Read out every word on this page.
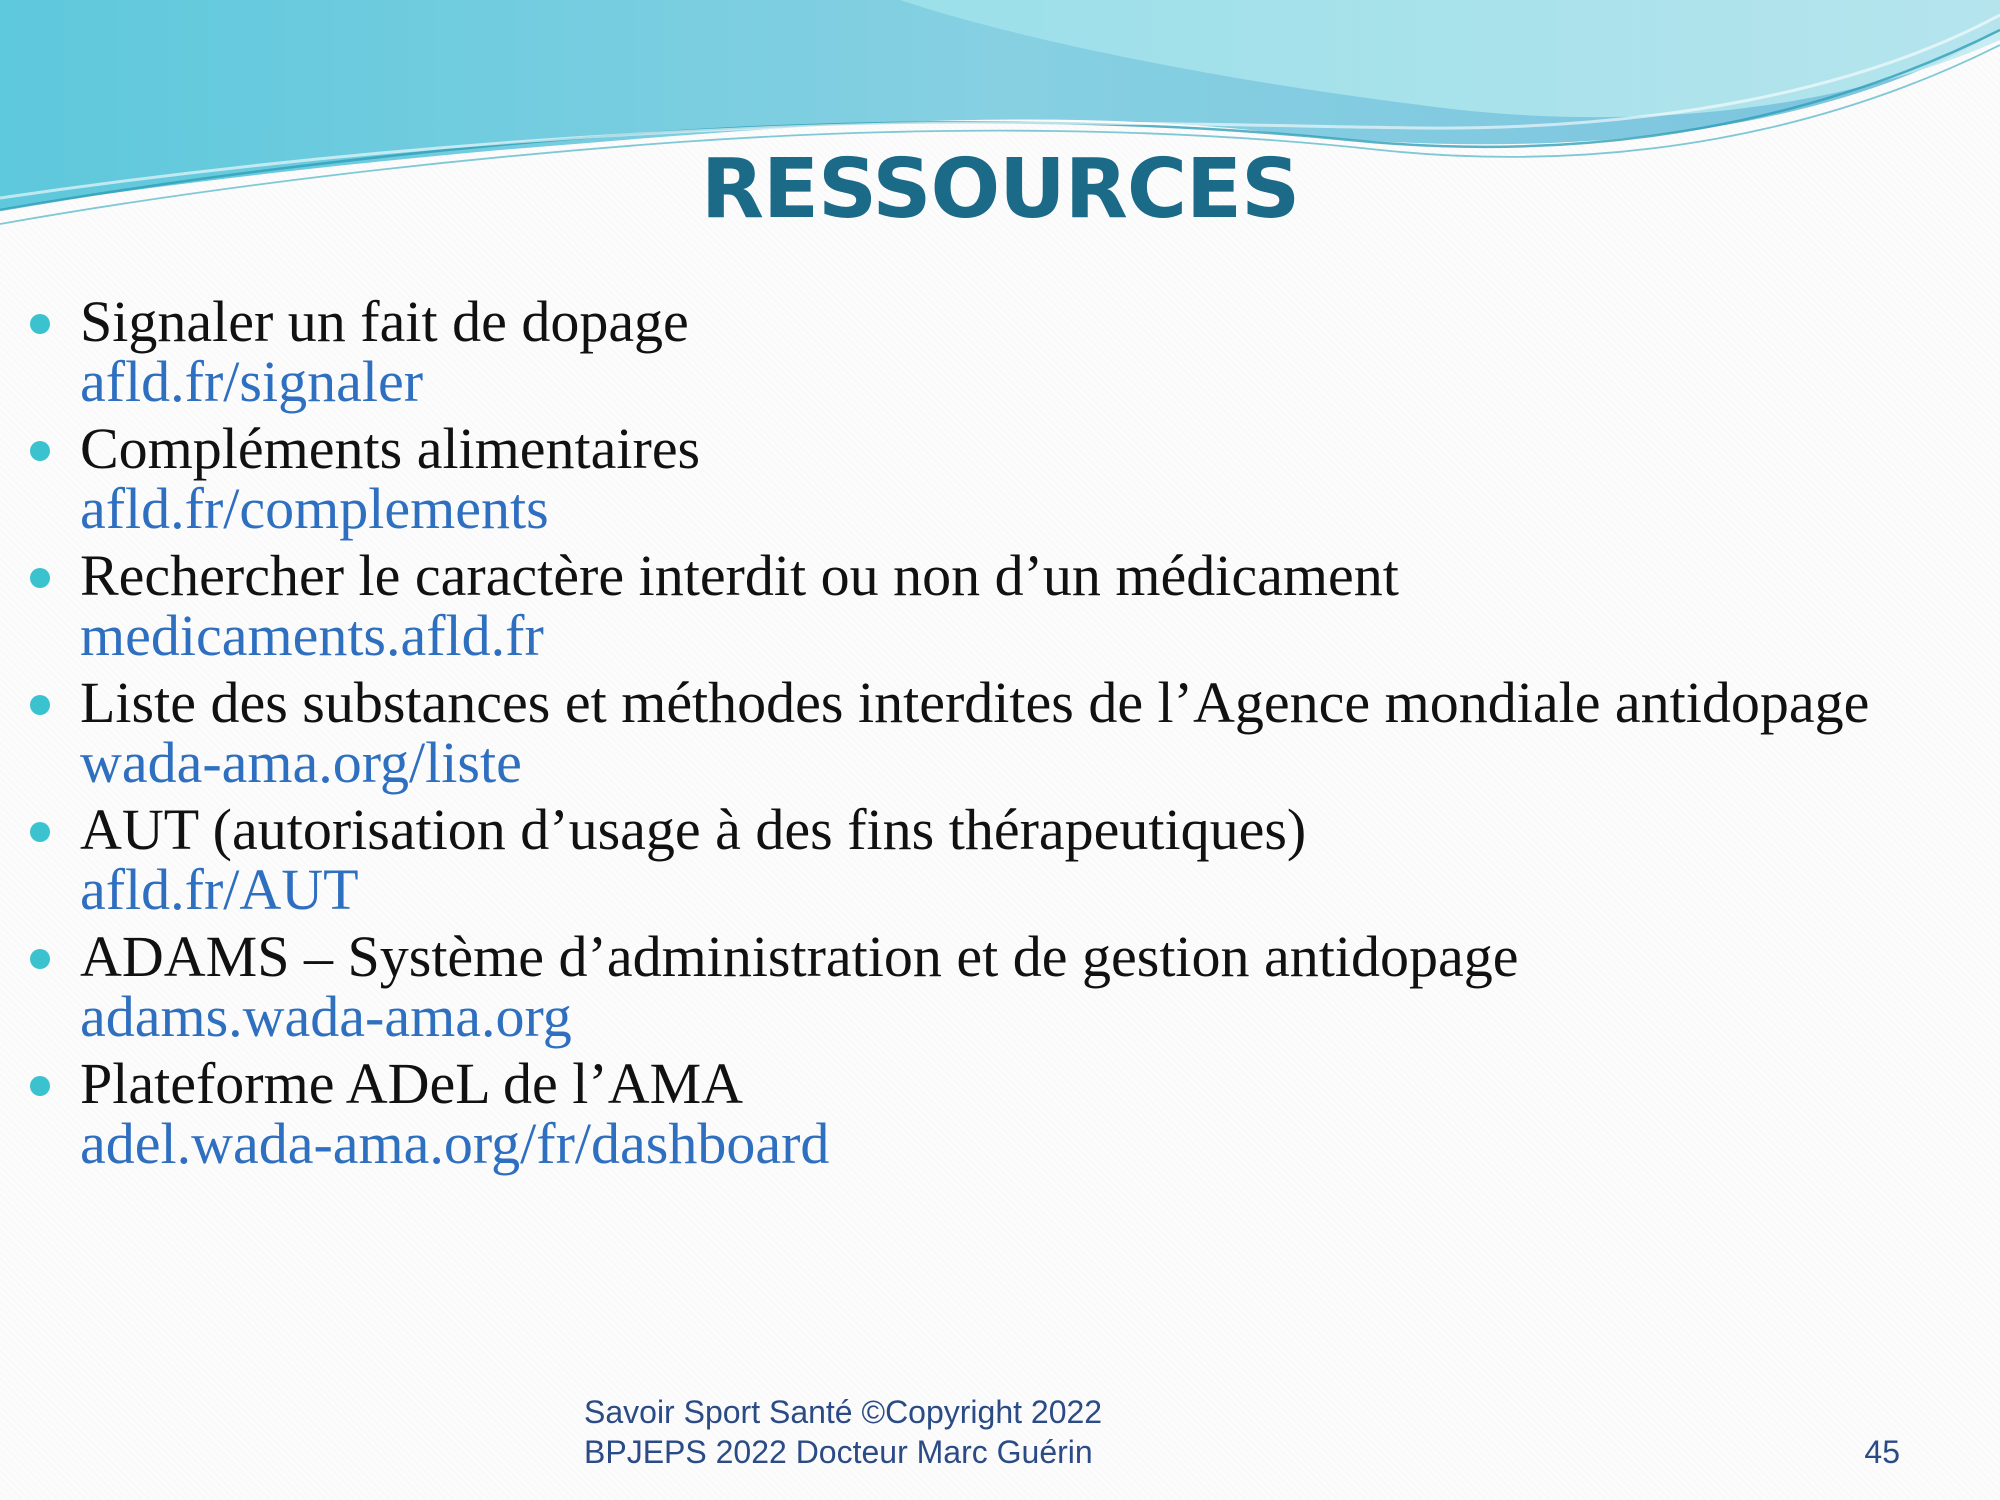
RESSOURCES
Signaler un fait de dopage
afld.fr/signaler
Compléments alimentaires
afld.fr/complements
Rechercher le caractère interdit ou non d’un médicament
medicaments.afld.fr
Liste des substances et méthodes interdites de l’Agence mondiale antidopage
wada-ama.org/liste
AUT (autorisation d’usage à des fins thérapeutiques)
afld.fr/AUT
ADAMS – Système d’administration et de gestion antidopage
adams.wada-ama.org
Plateforme ADeL de l’AMA
adel.wada-ama.org/fr/dashboard
Savoir Sport Santé ©Copyright 2022
BPJEPS 2022 Docteur Marc Guérin	45
